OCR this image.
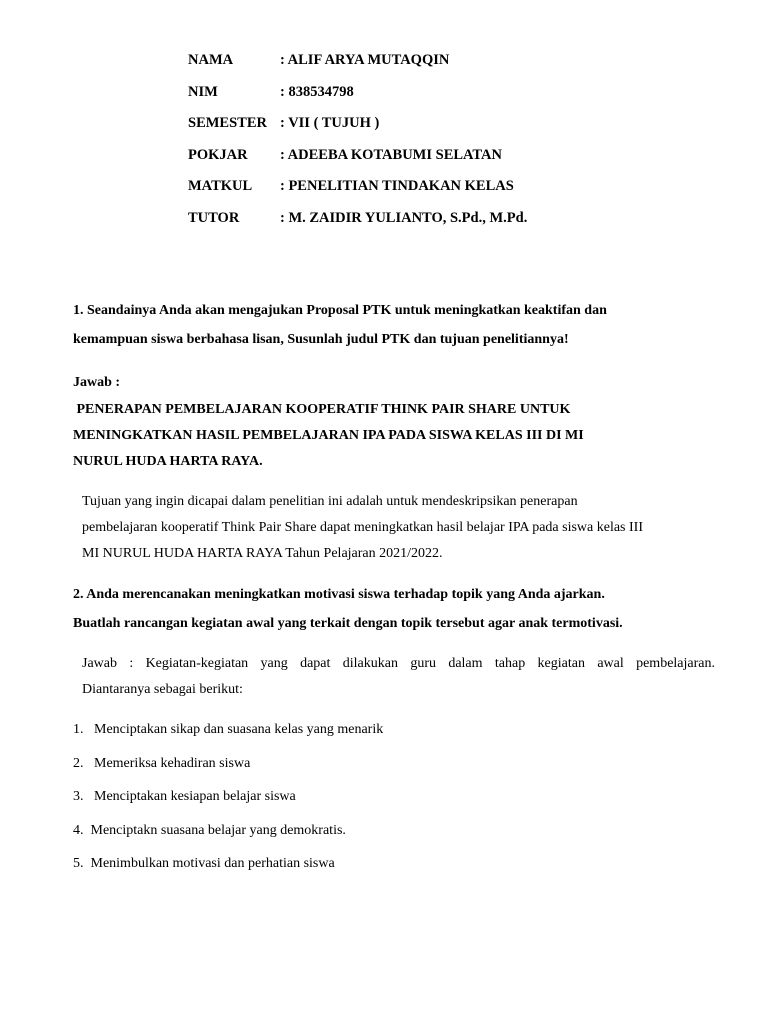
NAMA	: ALIF ARYA MUTAQQIN
NIM	: 838534798
SEMESTER : VII ( TUJUH )
POKJAR : ADEEBA KOTABUMI SELATAN
MATKUL : PENELITIAN TINDAKAN KELAS
TUTOR	: M. ZAIDIR YULIANTO, S.Pd., M.Pd.
1. Seandainya Anda akan mengajukan Proposal PTK untuk meningkatkan keaktifan dan
kemampuan siswa berbahasa lisan, Susunlah judul PTK dan tujuan penelitiannya!
Jawab :
PENERAPAN PEMBELAJARAN KOOPERATIF THINK PAIR SHARE UNTUK
MENINGKATKAN HASIL PEMBELAJARAN IPA PADA SISWA KELAS III DI MI
NURUL HUDA HARTA RAYA.
Tujuan yang ingin dicapai dalam penelitian ini adalah untuk mendeskripsikan penerapan
pembelajaran kooperatif Think Pair Share dapat meningkatkan hasil belajar IPA pada siswa kelas III
MI NURUL HUDA HARTA RAYA Tahun Pelajaran 2021/2022.
2. Anda merencanakan meningkatkan motivasi siswa terhadap topik yang Anda ajarkan.
Buatlah rancangan kegiatan awal yang terkait dengan topik tersebut agar anak termotivasi.
Jawab : Kegiatan-kegiatan yang dapat dilakukan guru dalam tahap kegiatan awal pembelajaran.
Diantaranya sebagai berikut:
1.   Menciptakan sikap dan suasana kelas yang menarik
2.   Memeriksa kehadiran siswa
3.   Menciptakan kesiapan belajar siswa
4.  Menciptakn suasana belajar yang demokratis.
5.  Menimbulkan motivasi dan perhatian siswa
